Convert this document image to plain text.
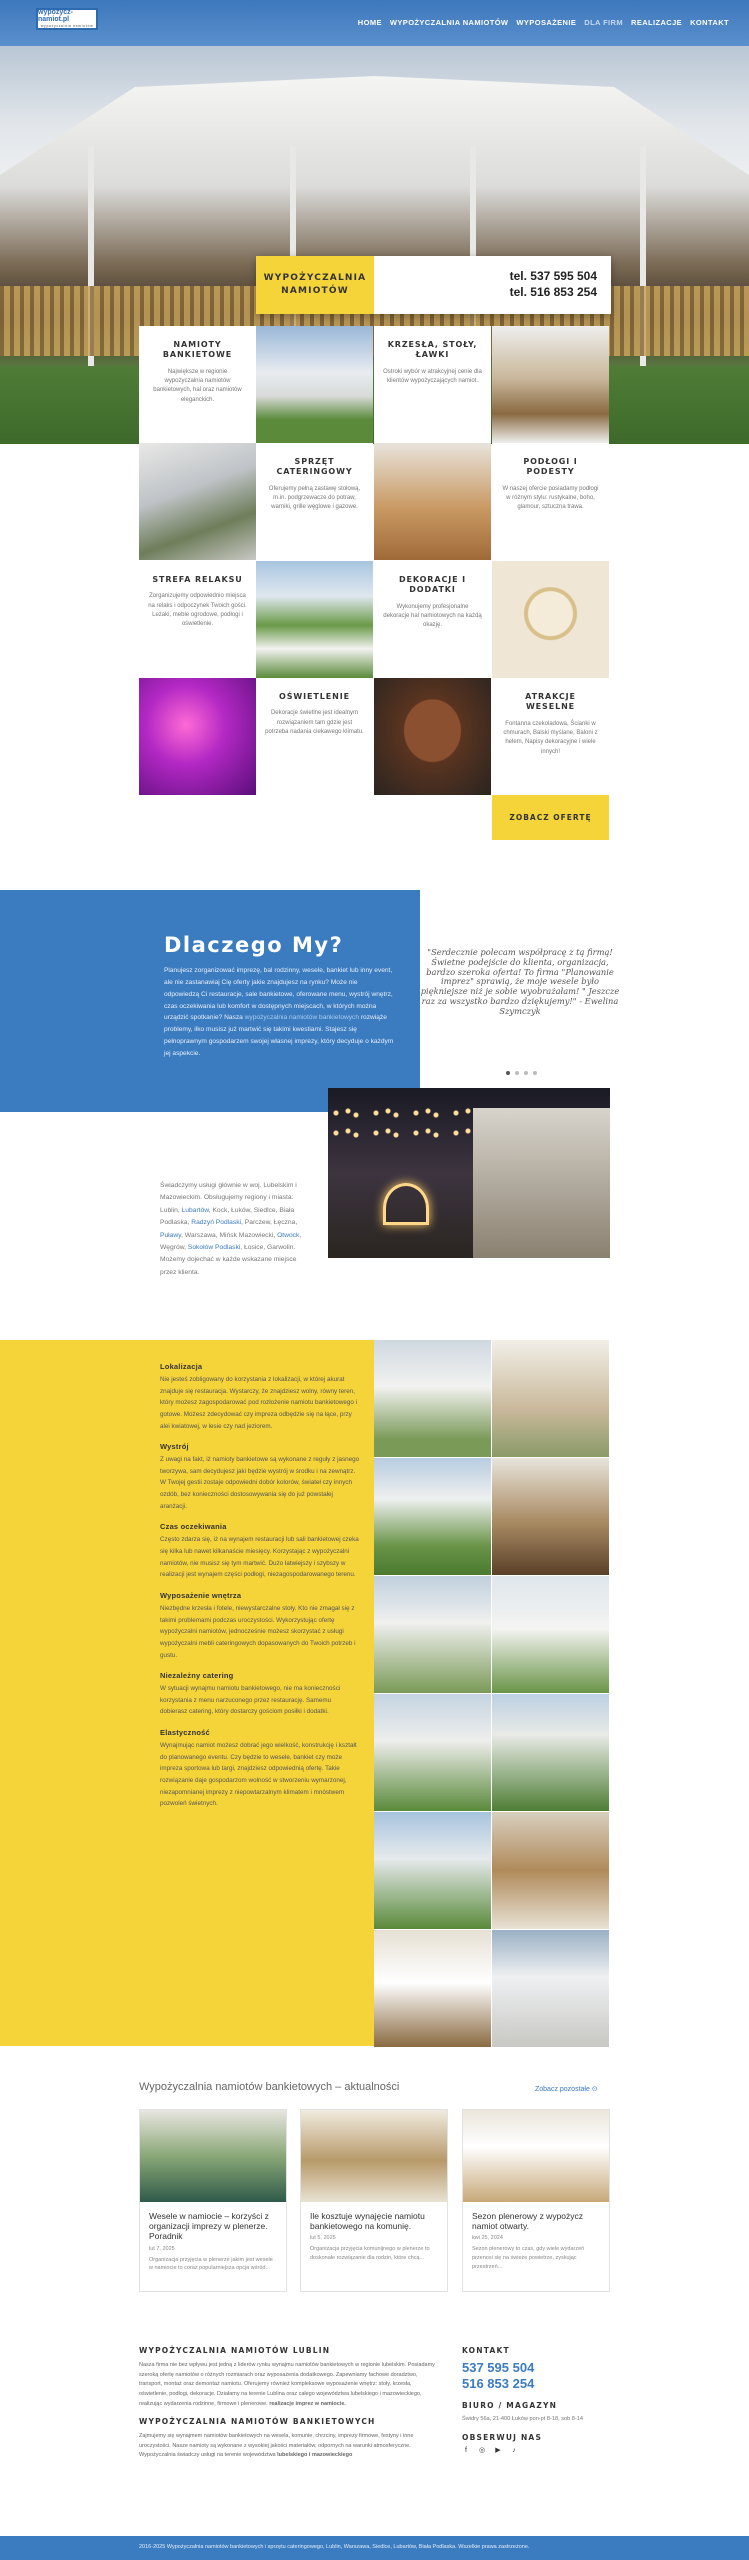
wypozycz-namiot.pl
wypożyczalnia namiotów	HOME WYPOŻYCZALNIA NAMIOTÓW WYPOSAŻENIE DLA FIRM REALIZACJE KONTAKT
WYPOŻYCZALNIA NAMIOTÓW
tel. 537 595 504
tel. 516 853 254
NAMIOTY BANKIETOWE

Największe w regionie wypożyczalnia namiotów bankietowych, hal oraz namiotów eleganckich.

KRZESŁA, STOŁY, ŁAWKI

Ostroki wybór w atrakcyjnej cenie dla klientów wypożyczających namiot.

SPRZĘT CATERINGOWY

Oferujemy pełną zastawę stołową, m.in. podgrzewacze do potraw, warniki, grille węglowe i gazowe.

PODŁOGI I PODESTY

W naszej ofercie posiadamy podłogi w różnym stylu: rustykalne, boho, glamour, sztuczna trawa.

STREFA RELAKSU

Zorganizujemy odpowiednio miejsca na relaks i odpoczynek Twoich gości. Leżaki, meble ogrodowe, podłogi i oświetlenie.

DEKORACJE I DODATKI

Wykonujemy profesjonalne dekoracje hal namiotowych na każdą okazję.

OŚWIETLENIE

Dekoracje świetlne jest idealnym rozwiązaniem tam gdzie jest potrzeba nadania ciekawego klimatu.

ATRAKCJE WESELNE

Fontanna czekoladowa, Ścianki w chmurach, Balski myślane, Baloni z helem, Napisy dekoracyjne i wiele innych!

ZOBACZ OFERTĘ
Dlaczego My?
Planujesz zorganizować imprezę, bal rodzinny, wesele, bankiet lub inny event, ale nie zastanawiaj Cię oferty jakie znajdujesz na rynku? Może nie odpowiedzą Ci restauracje, sale bankietowe, oferowane menu, wystrój wnętrz, czas oczekiwania lub komfort w dostępnych miejscach, w których można urządzić spotkanie? Nasza wypożyczalnia namiotów bankietowych rozwiąże problemy, ilko musisz już martwić się takimi kwestiami. Stajesz się pełnoprawnym gospodarzem swojej własnej imprezy, który decyduje o każdym jej aspekcie.
"Serdecznie polecam współpracę z tą firmą! Świetne podejście do klienta, organizacja, bardzo szeroka oferta! To firma "Planowanie imprez" sprawią, że moje wesele było piękniejsze niż je sobie wyobrażałam! " Jeszcze raz za wszystko bardzo dziękujemy!" - Ewelina Szymczyk
Świadczymy usługi głównie w woj. Lubelskim i Mazowieckim. Obsługujemy regiony i miasta: Lublin, Lubartów, Kock, Łuków, Siedlce, Biała Podlaska, Radzyń Podlaski, Parczew, Łęczna, Puławy, Warszawa, Mińsk Mazowiecki, Otwock, Węgrów, Sokołów Podlaski, Łosice, Garwolin. Możemy dojechać w każde wskazane miejsce przez klienta.
Lokalizacja

Nie jesteś zobligowany do korzystania z lokalizacji, w której akurat znajduje się restauracja. Wystarczy, że znajdziesz wolny, równy teren, który możesz zagospodarować pod rozłożenie namiotu bankietowego i gotowe. Możesz zdecydować czy impreza odbędzie się na łące, przy alei kwiatowej, w lesie czy nad jeziorem.

Wystrój

Z uwagi na fakt, iż namioty bankietowe są wykonane z reguły z jasnego tworzywa, sam decydujesz jaki będzie wystrój w środku i na zewnątrz. W Twojej gestii zostaje odpowiedni dobór kolorów, świateł czy innych ozdób, bez konieczności dostosowywania się do już powstałej aranżacji.

Czas oczekiwania

Często zdarza się, iż na wynajem restauracji lub sali bankietowej czeka się kilka lub nawet kilkanaście miesięcy. Korzystając z wypożyczalni namiotów, nie musisz się tym martwić. Dużo łatwiejszy i szybszy w realizacji jest wynajem części podłogi, niezagospodarowanego terenu.

Wyposażenie wnętrza

Niezbędne krzesła i fotele, niewystarczalne stoły. Kto nie zmagał się z takimi problemami podczas uroczystości. Wykorzystując ofertę wypożyczalni namiotów, jednocześnie możesz skorzystać z usługi wypożyczalni mebli cateringowych dopasowanych do Twoich potrzeb i gustu.

Niezależny catering

W sytuacji wynajmu namiotu bankietowego, nie ma konieczności korzystania z menu narzuconego przez restaurację. Samemu dobierasz catering, który dostarczy gościom posiłki i dodatki.

Elastyczność

Wynajmując namiot możesz dobrać jego wielkość, konstrukcję i kształt do planowanego eventu. Czy będzie to wesele, bankiet czy może impreza sportowa lub targi, znajdziesz odpowiednią ofertę. Takie rozwiązanie daje gospodarzom wolność w stworzeniu wymarzonej, niezapomnianej imprezy z niepowtarzalnym klimatem i mnóstwem pozwoleń świetnych.

Wypożyczalnia namiotów bankietowych – aktualności	Zobacz pozostałe ⊙
Wesele w namiocie – korzyści z organizacji imprezy w plenerze. Poradnik
lut 7, 2025
Organizacja przyjęcia w plenerze jakim jest wesele w namiocie to coraz popularniejsza opcja wśród...
Ile kosztuje wynajęcie namiotu bankietowego na komunię.
lut 5, 2025
Organizacja przyjęcia komunijnego w plenerze to doskonałe rozwiązanie dla rodzin, które chcą...
Sezon plenerowy z wypożycz namiot otwarty.
kwi 25, 2024
Sezon plenerowy to czas, gdy wiele wydarzeń przenosi się na świeże powietrze, zyskując przestrzeń...
WYPOŻYCZALNIA NAMIOTÓW LUBLIN

Nasza firma nie bez wpływu jest jedną z liderów rynku wynajmu namiotów bankietowych w regionie lubelskim. Posiadamy szeroką ofertę namiotów o różnych rozmiarach oraz wyposażenia dodatkowego. Zapewniamy fachowe doradztwo, transport, montaż oraz demontaż namiotu. Oferujemy również kompleksowe wyposażenie wnętrz: stoły, krzesła, oświetlenie, podłogi, dekoracje. Działamy na terenie Lublina oraz całego województwa lubelskiego i mazowieckiego, realizując wydarzenia rodzinne, firmowe i plenerowe. realizacje imprez w namiocie.

WYPOŻYCZALNIA NAMIOTÓW BANKIETOWYCH

Zajmujemy się wynajmem namiotów bankietowych na wesela, komunie, chrzciny, imprezy firmowe, festyny i inne uroczystości. Nasze namioty są wykonane z wysokiej jakości materiałów, odpornych na warunki atmosferyczne. Wypożyczalnia świadczy usługi na terenie województwa lubelskiego i mazowieckiego

KONTAKT
537 595 504
516 853 254
BIURO / MAGAZYN
Świdry 56a, 21-400 Łuków pon-pt 8-18, sob 8-14
OBSERWUJ NAS
f	◎ ▶	♪
2016-2025 Wypożyczalnia namiotów bankietowych i sprzętu cateringowego, Lublin, Warszawa, Siedlce, Lubartów, Biała Podlaska. Wszelkie prawa zastrzeżone.
